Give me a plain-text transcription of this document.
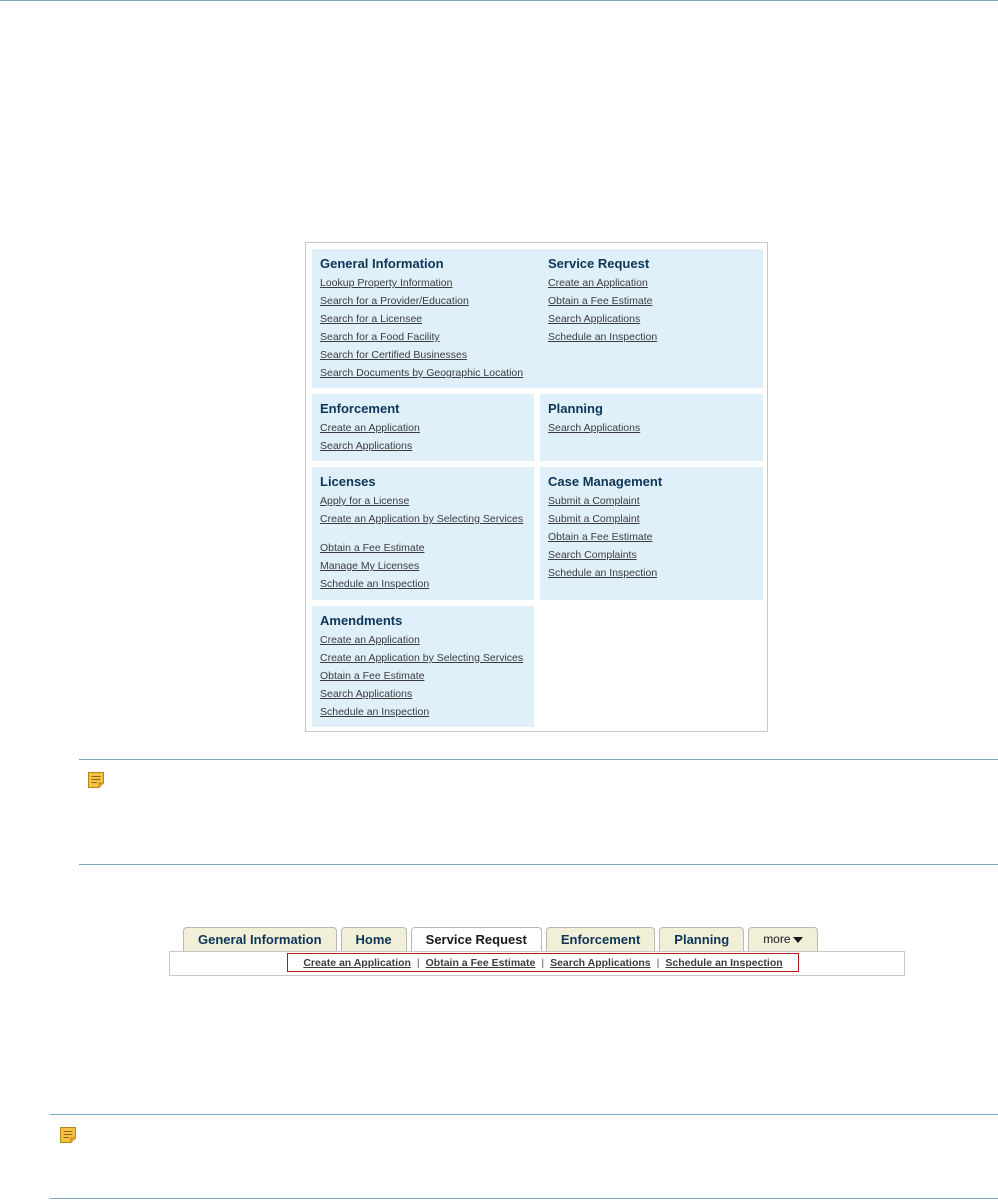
General Information
Lookup Property Information
Search for a Provider/Education
Search for a Licensee
Search for a Food Facility
Search for Certified Businesses
Search Documents by Geographic Location
Service Request
Create an Application
Obtain a Fee Estimate
Search Applications
Schedule an Inspection
Enforcement
Create an Application
Search Applications
Planning
Search Applications
Licenses
Apply for a License
Create an Application by Selecting Services
Obtain a Fee Estimate
Manage My Licenses
Schedule an Inspection
Case Management
Submit a Complaint
Submit a Complaint
Obtain a Fee Estimate
Search Complaints
Schedule an Inspection
Amendments
Create an Application
Create an Application by Selecting Services
Obtain a Fee Estimate
Search Applications
Schedule an Inspection
General Information	Home	Service Request	Enforcement	Planning	more
Create an Application | Obtain a Fee Estimate | Search Applications | Schedule an Inspection
